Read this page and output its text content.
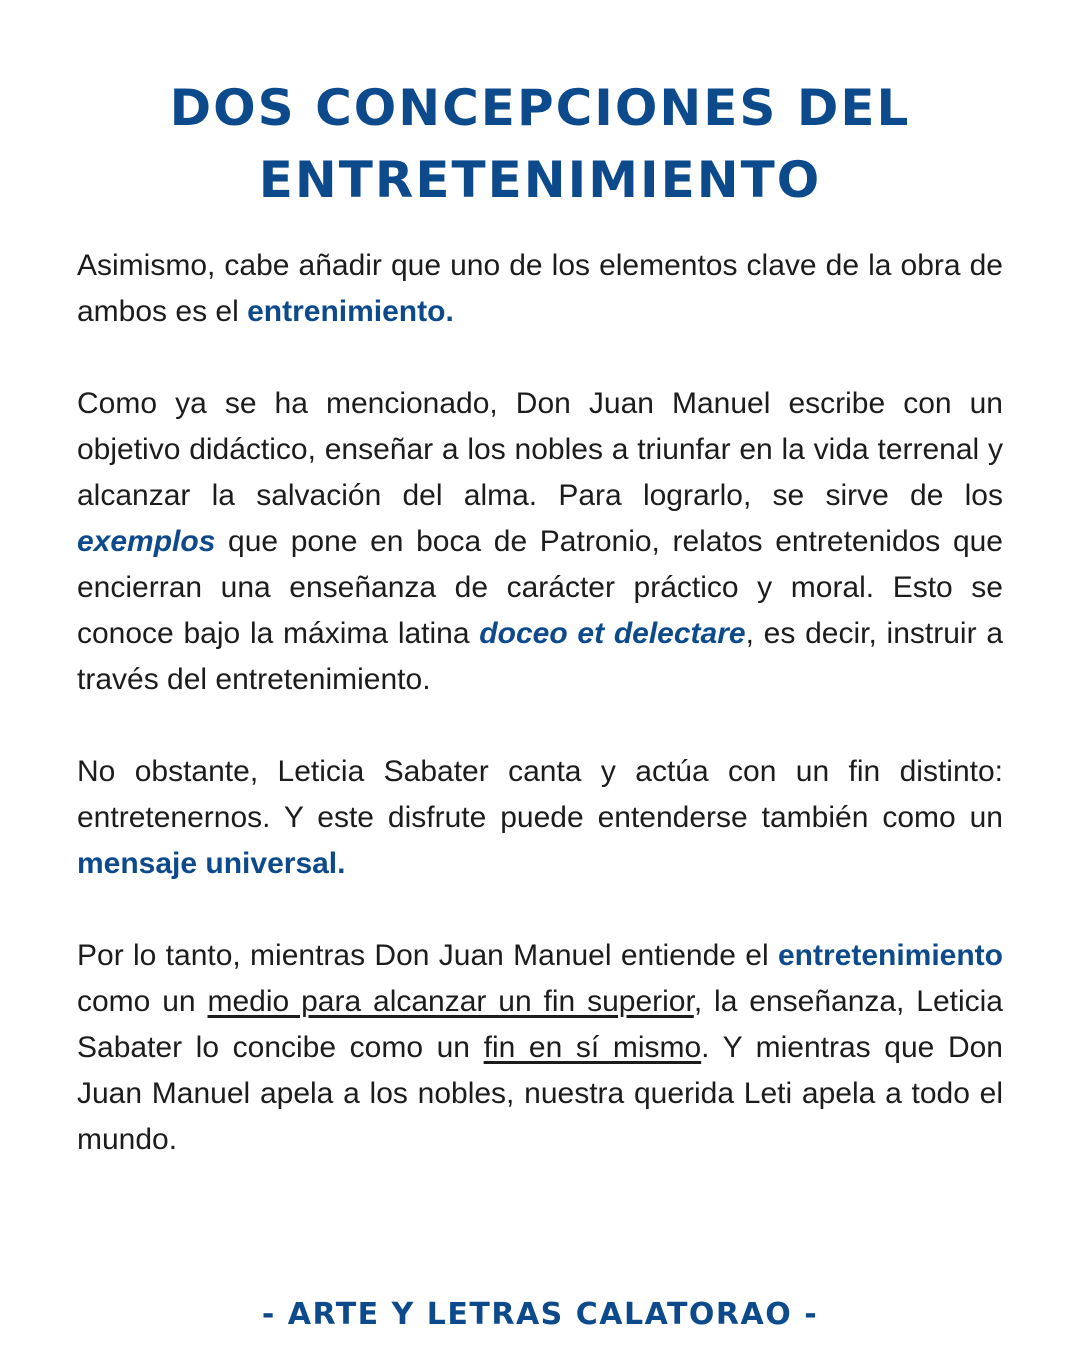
DOS CONCEPCIONES DEL
ENTRETENIMIENTO

Asimismo, cabe añadir que uno de los elementos clave de la obra de ambos es el entrenimiento.

Como ya se ha mencionado, Don Juan Manuel escribe con un objetivo didáctico, enseñar a los nobles a triunfar en la vida terrenal y alcanzar la salvación del alma. Para lograrlo, se sirve de los exemplos que pone en boca de Patronio, relatos entretenidos que encierran una enseñanza de carácter práctico y moral. Esto se conoce bajo la máxima latina doceo et delectare, es decir, instruir a través del entretenimiento.

No obstante, Leticia Sabater canta y actúa con un fin distinto: entretenernos. Y este disfrute puede entenderse también como un mensaje universal.

Por lo tanto, mientras Don Juan Manuel entiende el entretenimiento como un medio para alcanzar un fin superior, la enseñanza, Leticia Sabater lo concibe como un fin en sí mismo. Y mientras que Don Juan Manuel apela a los nobles, nuestra querida Leti apela a todo el mundo.

- ARTE Y LETRAS CALATORAO -
